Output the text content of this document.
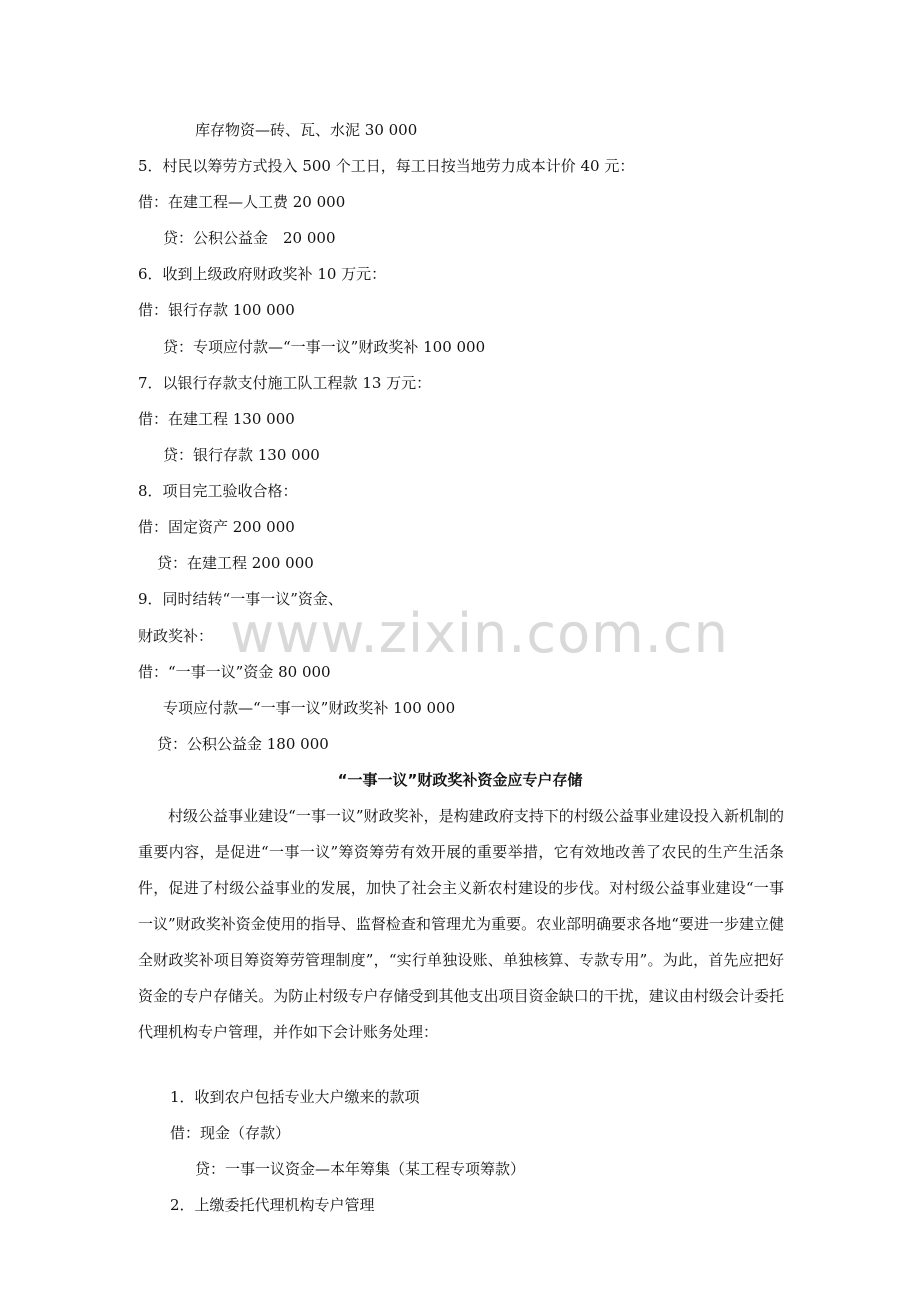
www.zixin.com.cn
库存物资—砖、瓦、水泥 30 000
5．村民以筹劳方式投入 500 个工日，每工日按当地劳力成本计价 40 元：
借：在建工程—人工费 20 000
贷：公积公益金　20 000
6．收到上级政府财政奖补 10 万元：
借：银行存款 100 000
贷：专项应付款—“一事一议”财政奖补 100 000
7．以银行存款支付施工队工程款 13 万元：
借：在建工程 130 000
贷：银行存款 130 000
8．项目完工验收合格：
借：固定资产 200 000
贷：在建工程 200 000
9．同时结转“一事一议”资金、
财政奖补：
借：“一事一议”资金 80 000
专项应付款—“一事一议”财政奖补 100 000
贷：公积公益金 180 000
“一事一议”财政奖补资金应专户存储
村级公益事业建设“一事一议”财政奖补，是构建政府支持下的村级公益事业建设投入新机制的重要内容，是促进“一事一议”筹资筹劳有效开展的重要举措，它有效地改善了农民的生产生活条件，促进了村级公益事业的发展，加快了社会主义新农村建设的步伐。对村级公益事业建设“一事一议”财政奖补资金使用的指导、监督检查和管理尤为重要。农业部明确要求各地“要进一步建立健全财政奖补项目筹资筹劳管理制度”，“实行单独设账、单独核算、专款专用”。为此，首先应把好资金的专户存储关。为防止村级专户存储受到其他支出项目资金缺口的干扰，建议由村级会计委托代理机构专户管理，并作如下会计账务处理：
1．收到农户包括专业大户缴来的款项
借：现金（存款）
贷：一事一议资金—本年筹集（某工程专项筹款）
2．上缴委托代理机构专户管理
